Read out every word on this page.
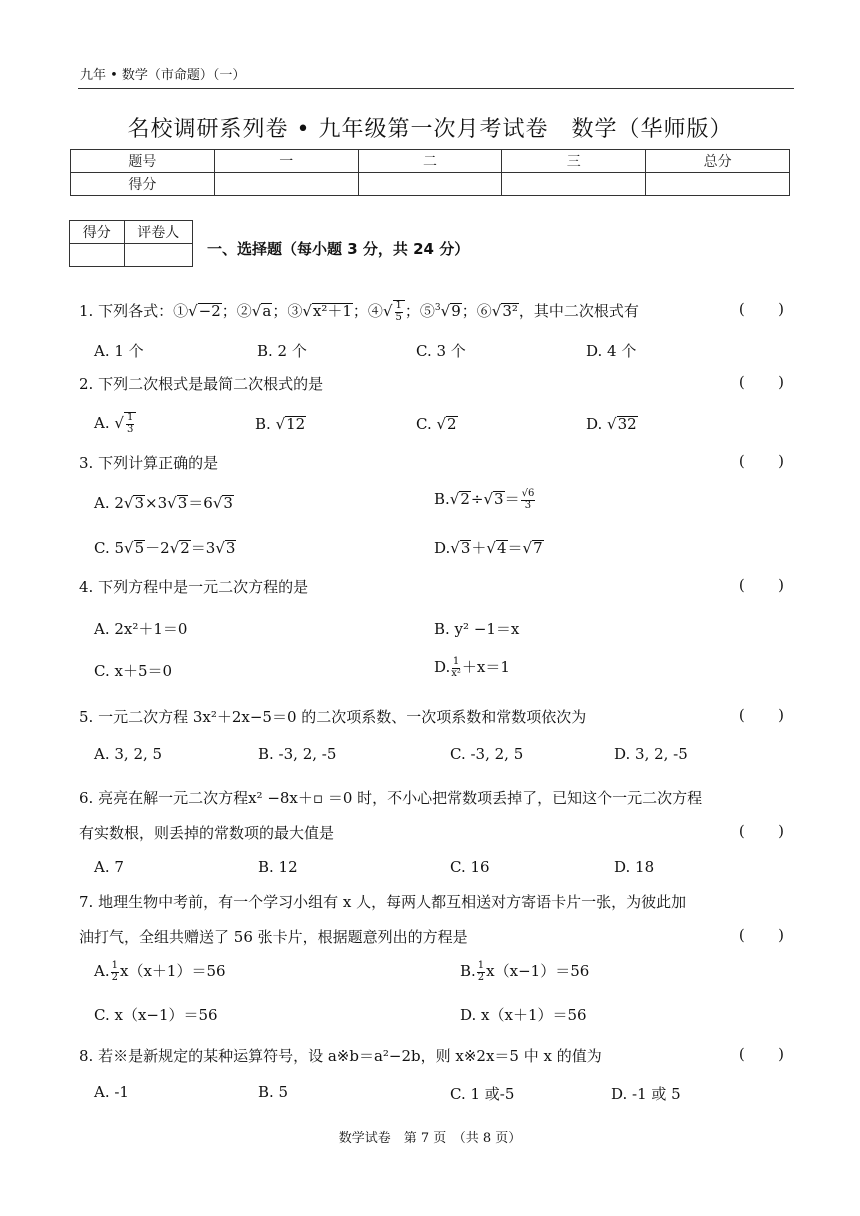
九年 • 数学（市命题）（一）
名校调研系列卷 • 九年级第一次月考试卷　数学（华师版）
题号	一	二	三	总分
得分				
得分	评卷人

一、选择题（每小题 3 分，共 24 分）
1. 下列各式：①√−2；②√a；③√x²＋1；④√ $\frac{1}{5}$ ；⑤$^3$√9；⑥√3²，其中二次根式有	(       )
A. 1 个	B. 2 个	C. 3 个	D. 4 个
2. 下列二次根式是最简二次根式的是	(       )
A. √ $\frac{1}{3}$	B. √12	C. √2	D. √32
3. 下列计算正确的是	(       )
A. 2√3×3√3＝6√3	$B.√2\div√3= \frac{√6}{3}$
C. 5√5－2√2＝3√3	D.√3＋√4＝√7
4. 下列方程中是一元二次方程的是	(       )
A. 2x²＋1＝0	B. y² −1＝x
C. x＋5＝0	D. $\frac{1}{\text{x²}} +x=1$
5. 一元二次方程 3x²＋2x−5＝0 的二次项系数、一次项系数和常数项依次为	(       )
A. 3, 2, 5	B. -3, 2, -5	C. -3, 2, 5	D. 3, 2, -5
6. 亮亮在解一元二次方程x² −8x＋▫ ＝0 时，不小心把常数项丢掉了，已知这个一元二次方程
有实数根，则丢掉的常数项的最大值是	(       )
A. 7	B. 12	C. 16	D. 18
7. 地理生物中考前，有一个学习小组有 x 人，每两人都互相送对方寄语卡片一张，为彼此加
油打气，全组共赠送了 56 张卡片，根据题意列出的方程是	(       )
A. $\frac{1}{2} x(x+1)=56$	B. $\frac{1}{2} x(x-1)=56$
C. x（x−1）＝56	D. x（x＋1）＝56
8. 若※是新规定的某种运算符号，设 a※b＝a²−2b，则 x※2x＝5 中 x 的值为	(       )
A. -1	B. 5	C. 1 或-5	D. -1 或 5
数学试卷　第 7 页　（共 8 页）
